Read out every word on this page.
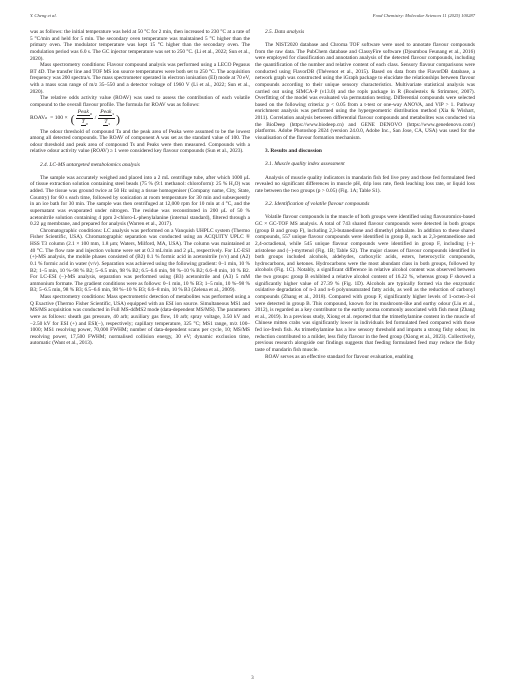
Y. Cheng et al.	Food Chemistry: Molecular Sciences 11 (2025) 100287

was as follows: the initial temperature was held at 50 °C for 2 min, then increased to 230 °C at a rate of 5 °C/min and held for 5 min. The secondary oven temperature was maintained 5 °C higher than the primary oven. The modulator temperature was kept 15 °C higher than the secondary oven. The modulation period was 6.0 s. The GC injector temperature was set to 250 °C. (Li et al., 2022; Sun et al., 2020).

Mass spectrometry conditions: Flavour compound analysis was performed using a LECO Pegasus BT 4D. The transfer line and TOF MS ion source temperatures were both set to 250 °C. The acquisition frequency was 200 spectra/s. The mass spectrometer operated in electron ionisation (EI) mode at 70 eV, with a mass scan range of m/z 35–550 and a detector voltage of 1960 V (Li et al., 2022; Sun et al., 2020).

The relative odds activity value (ROAV) was used to assess the contribution of each volatile compound to the overall flavour profile. The formula for ROAV was as follows:

ROAV a = 100 × ( $\frac{Peak_a}{T_a} / \frac{Peak_s}{T_s}$ )

The odour threshold of compound Ta and the peak area of Peaka were assumed to be the lowest among all detected compounds. The ROAV of component A was set as the standard value of 100. The odour threshold and peak area of compound Ts and Peaks were then measured. Compounds with a relative odour activity value (ROAV) ≥ 1 were considered key flavour compounds (Sun et al., 2023).

2.4. LC-MS untargeted metabolomics analysis

The sample was accurately weighed and placed into a 2 mL centrifuge tube, after which 1000 μL of tissue extraction solution containing steel beads (75 % (9:1 methanol: chloroform): 25 % H₂O) was added. The tissue was ground twice at 50 Hz using a tissue homogeniser (Company name, City, State, Country) for 60 s each time, followed by sonication at room temperature for 30 min and subsequently in an ice bath for 30 min. The sample was then centrifuged at 12,000 rpm for 10 min at 4 °C, and the supernatant was evaporated under nitrogen. The residue was reconstituted in 200 μL of 50 % acetonitrile solution containing 4 ppm 2-chloro-L-phenylalanine (internal standard), filtered through a 0.22 μg membrane, and prepared for analysis (Warren et al., 2017).

Chromatographic conditions: LC analysis was performed on a Vanquish UHPLC system (Thermo Fisher Scientific, USA). Chromatographic separation was conducted using an ACQUITY UPLC ® HSS T3 column (2.1 × 100 mm, 1.8 μm; Waters, Milford, MA, USA). The column was maintained at 40 °C. The flow rate and injection volume were set at 0.3 mL/min and 2 μL, respectively. For LC-ESI (+)-MS analysis, the mobile phases consisted of (B2) 0.1 % formic acid in acetonitrile (v/v) and (A2) 0.1 % formic acid in water (v/v). Separation was achieved using the following gradient: 0–1 min, 10 % B2; 1–5 min, 10 %–98 % B2; 5–6.5 min, 98 % B2; 6.5–6.6 min, 98 %–10 % B2; 6.6–8 min, 10 % B2. For LC-ESI (−)-MS analysis, separation was performed using (B3) acetonitrile and (A3) 5 mM ammonium formate. The gradient conditions were as follows: 0–1 min, 10 % B3; 1–5 min, 10 %–98 % B3; 5–6.5 min, 98 % B3; 6.5–6.6 min, 98 %–10 % B3; 6.6–8 min, 10 % B3 (Zelena et al., 2009).

Mass spectrometry conditions: Mass spectrometric detection of metabolites was performed using a Q Exactive (Thermo Fisher Scientific, USA) equipped with an ESI ion source. Simultaneous MS1 and MS/MS acquisition was conducted in Full MS-ddMS2 mode (data-dependent MS/MS). The parameters were as follows: sheath gas pressure, 40 arb; auxiliary gas flow, 10 arb; spray voltage, 3.50 kV and −2.50 kV for ESI (+) and ESI(−), respectively; capillary temperature, 325 °C; MS1 range, m/z 100–1000; MS1 resolving power, 70,000 FWHM; number of data-dependent scans per cycle, 10; MS/MS resolving power, 17,500 FWHM; normalised collision energy, 30 eV; dynamic exclusion time, automatic (Want et al., 2013).

2.5. Data analysis

The NIST2020 database and Chroma TOF software were used to annotate flavour compounds from the raw data. The PubChem database and ClassyFire software (Djoumbou Feunang et al., 2016) were employed for classification and annotation analysis of the detected flavour compounds, including the quantification of the number and relative content of each class. Sensory flavour comparisons were conducted using FlavorDB (Thévenot et al., 2015). Based on data from the FlavorDB database, a network graph was constructed using the iGraph package to elucidate the relationships between flavour compounds according to their unique sensory characteristics. Multivariate statistical analysis was carried out using SIMCA-P (v13.0) and the ropls package in R (Boulesteix & Strimmer, 2007). Overfitting of the model was evaluated via permutation testing. Differential compounds were selected based on the following criteria: p < 0.05 from a t-test or one-way ANOVA, and VIP > 1. Pathway enrichment analysis was performed using the hypergeometric distribution method (Xia & Wishart, 2011). Correlation analysis between differential flavour compounds and metabolites was conducted via the BioDeep (https://www.biodeep.cn) and GENE DENOVO (https://www.genedenovo.com/) platforms. Adobe Photoshop 2024 (version 24.0.0, Adobe Inc., San Jose, CA, USA) was used for the visualisation of the flavour formation mechanism.

3. Results and discussion

3.1. Muscle quality index assessment

Analysis of muscle quality indicators in mandarin fish fed live prey and those fed formulated feed revealed no significant differences in muscle pH, drip loss rate, flesh leaching loss rate, or liquid loss rate between the two groups (p > 0.05) (Fig. 1A; Table S1).

3.2. Identification of volatile flavour compounds

Volatile flavour compounds in the muscle of both groups were identified using flavouromics-based GC × GC-TOF MS analysis. A total of 743 shared flavour compounds were detected in both groups (group B and group F), including 2,3-butanedione and dimethyl phthalate. In addition to these shared compounds, 557 unique flavour compounds were identified in group B, such as 2,3-pentanedione and 2,4-octadienal, while 545 unique flavour compounds were identified in group F, including (−)-aristolene and (−)-myrtenol (Fig. 1B; Table S2). The major classes of flavour compounds identified in both groups included alcohols, aldehydes, carboxylic acids, esters, heterocyclic compounds, hydrocarbons, and ketones. Hydrocarbons were the most abundant class in both groups, followed by alcohols (Fig. 1C). Notably, a significant difference in relative alcohol content was observed between the two groups: group B exhibited a relative alcohol content of 16.22 %, whereas group F showed a significantly higher value of 27.39 % (Fig. 1D). Alcohols are typically formed via the enzymatic oxidative degradation of n-3 and n-6 polyunsaturated fatty acids, as well as the reduction of carbonyl compounds (Zhang et al., 2018). Compared with group F, significantly higher levels of 1-octen-3-ol were detected in group B. This compound, known for its mushroom-like and earthy odour (Liu et al., 2012), is regarded as a key contributor to the earthy aroma commonly associated with fish meat (Zhang et al., 2019). In a previous study, Xiong et al. reported that the trimethylamine content in the muscle of Chinese mitten crabs was significantly lower in individuals fed formulated feed compared with those fed ice-fresh fish. As trimethylamine has a low sensory threshold and imparts a strong fishy odour, its reduction contributed to a milder, less fishy flavour in the feed group (Xiong et al., 2023). Collectively, previous research alongside our findings suggests that feeding formulated feed may reduce the fishy taste of mandarin fish muscle.

ROAV serves as an effective standard for flavour evaluation, enabling

3
